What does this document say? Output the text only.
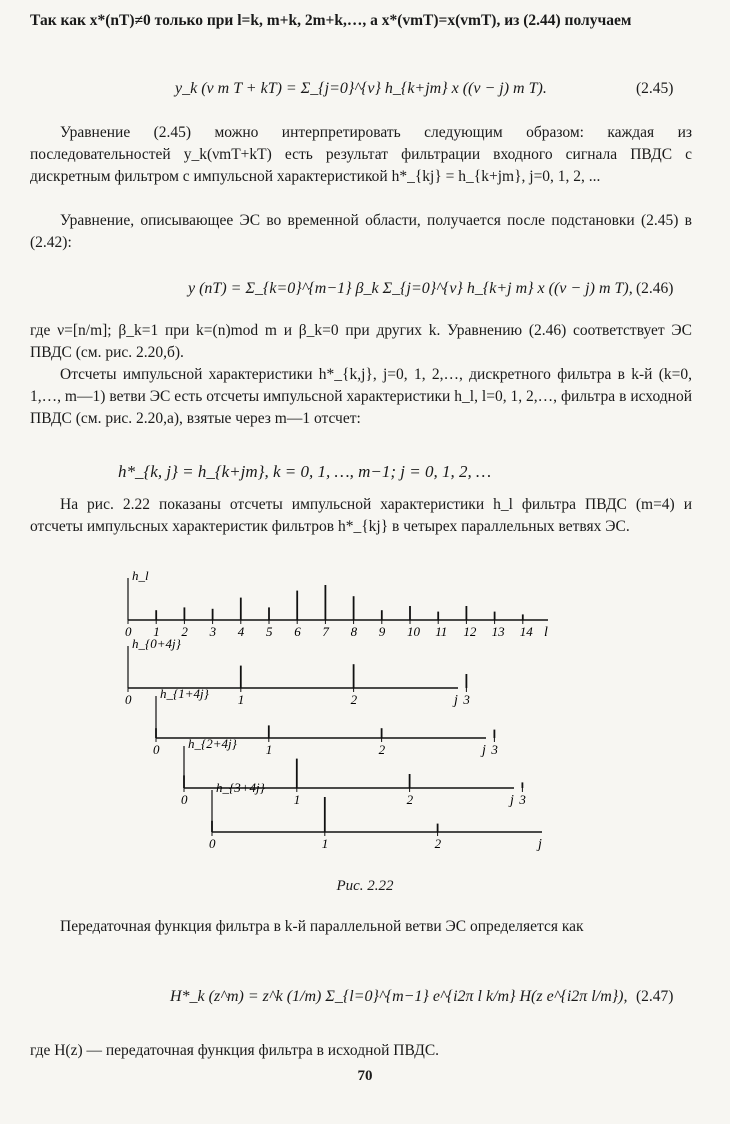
Так как x*(nT)≠0 только при l=k, m+k, 2m+k,…, а x*(vmT)=x(vmT), из (2.44) получаем

y_k (ν m T + kT) = Σ_{j=0}^{ν} h_{k+jm} x ((ν − j) m T).	(2.45)

Уравнение (2.45) можно интерпретировать следующим образом: каждая из последовательностей y_k(νmT+kT) есть результат фильтрации входного сигнала ПВДС с дискретным фильтром с импульсной характеристикой h*_{kj} = h_{k+jm}, j=0, 1, 2, ...

Уравнение, описывающее ЭС во временной области, получается после подстановки (2.45) в (2.42):

y (nT) = Σ_{k=0}^{m−1} β_k Σ_{j=0}^{ν} h_{k+j m} x ((ν − j) m T), (2.46)

где ν=[n/m]; β_k=1 при k=(n)mod m и β_k=0 при других k. Уравнению (2.46) соответствует ЭС ПВДС (см. рис. 2.20,б).

Отсчеты импульсной характеристики h*_{k,j}, j=0, 1, 2,…, дискретного фильтра в k-й (k=0, 1,…, m—1) ветви ЭС есть отсчеты импульсной характеристики h_l, l=0, 1, 2,…, фильтра в исходной ПВДС (см. рис. 2.20,а), взятые через m—1 отсчет:

h*_{k, j} = h_{k+jm}, k = 0, 1, …, m−1; j = 0, 1, 2, …

На рис. 2.22 показаны отсчеты импульсной характеристики h_l фильтра ПВДС (m=4) и отсчеты импульсных характеристик фильтров h*_{kj} в четырех параллельных ветвях ЭС.

h_l
l
0 1 2 3 4 5 6 7 8 9 10 11 12 13 14
h_{0+4j}
j
0	1	2	3
h_{1+4j}
j
0	1	2	3
h_{2+4j}
j
0	1	2	3
h_{3+4j}
j
0	1	2
Рис. 2.22

Передаточная функция фильтра в k-й параллельной ветви ЭС определяется как

H*_k (z^m) = z^k (1/m) Σ_{l=0}^{m−1} e^{i2π l k/m} H(z e^{i2π l/m}), (2.47)

где H(z) — передаточная функция фильтра в исходной ПВДС.

70
